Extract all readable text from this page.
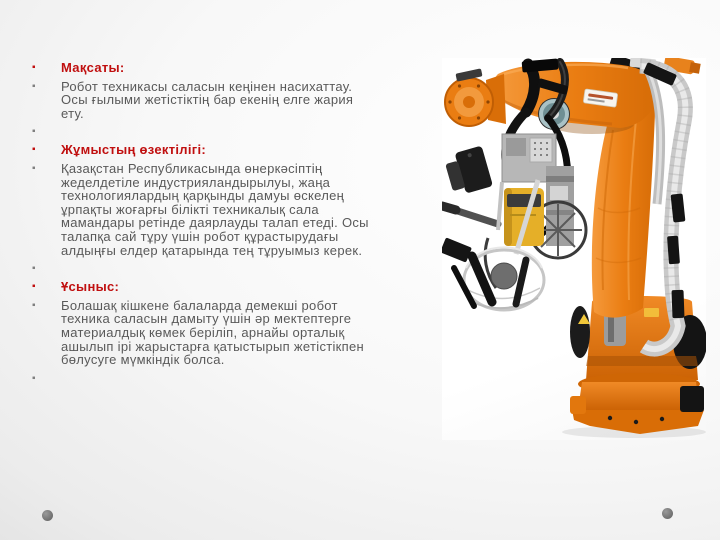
▪
Мақсаты:
▪
Робот техникасы саласын кеңінен насихаттау. Осы ғылыми жетістіктің бар екенің елге жария ету.
▪
▪
Жұмыстың өзектілігі:
▪
Қазақстан Республикасында өнеркәсіптің жеделдетіле индустрияландырылуы, жаңа технологиялардың қарқынды дамуы өскелең ұрпақты жоғарғы білікті техникалық сала мамандары ретінде даярлауды талап етеді. Осы талапқа сай тұру үшін робот құрастырудағы алдыңғы елдер қатарында тең тұруымыз керек.
▪
▪
Ұсыныс:
▪
Болашақ кішкене балаларда демекші робот техника саласын дамыту үшін әр мектептерге материалдық көмек беріліп, арнайы орталық ашылып ірі жарыстарға қатыстырып жетістікпен бөлусуге мүмкіндік болса.
▪
